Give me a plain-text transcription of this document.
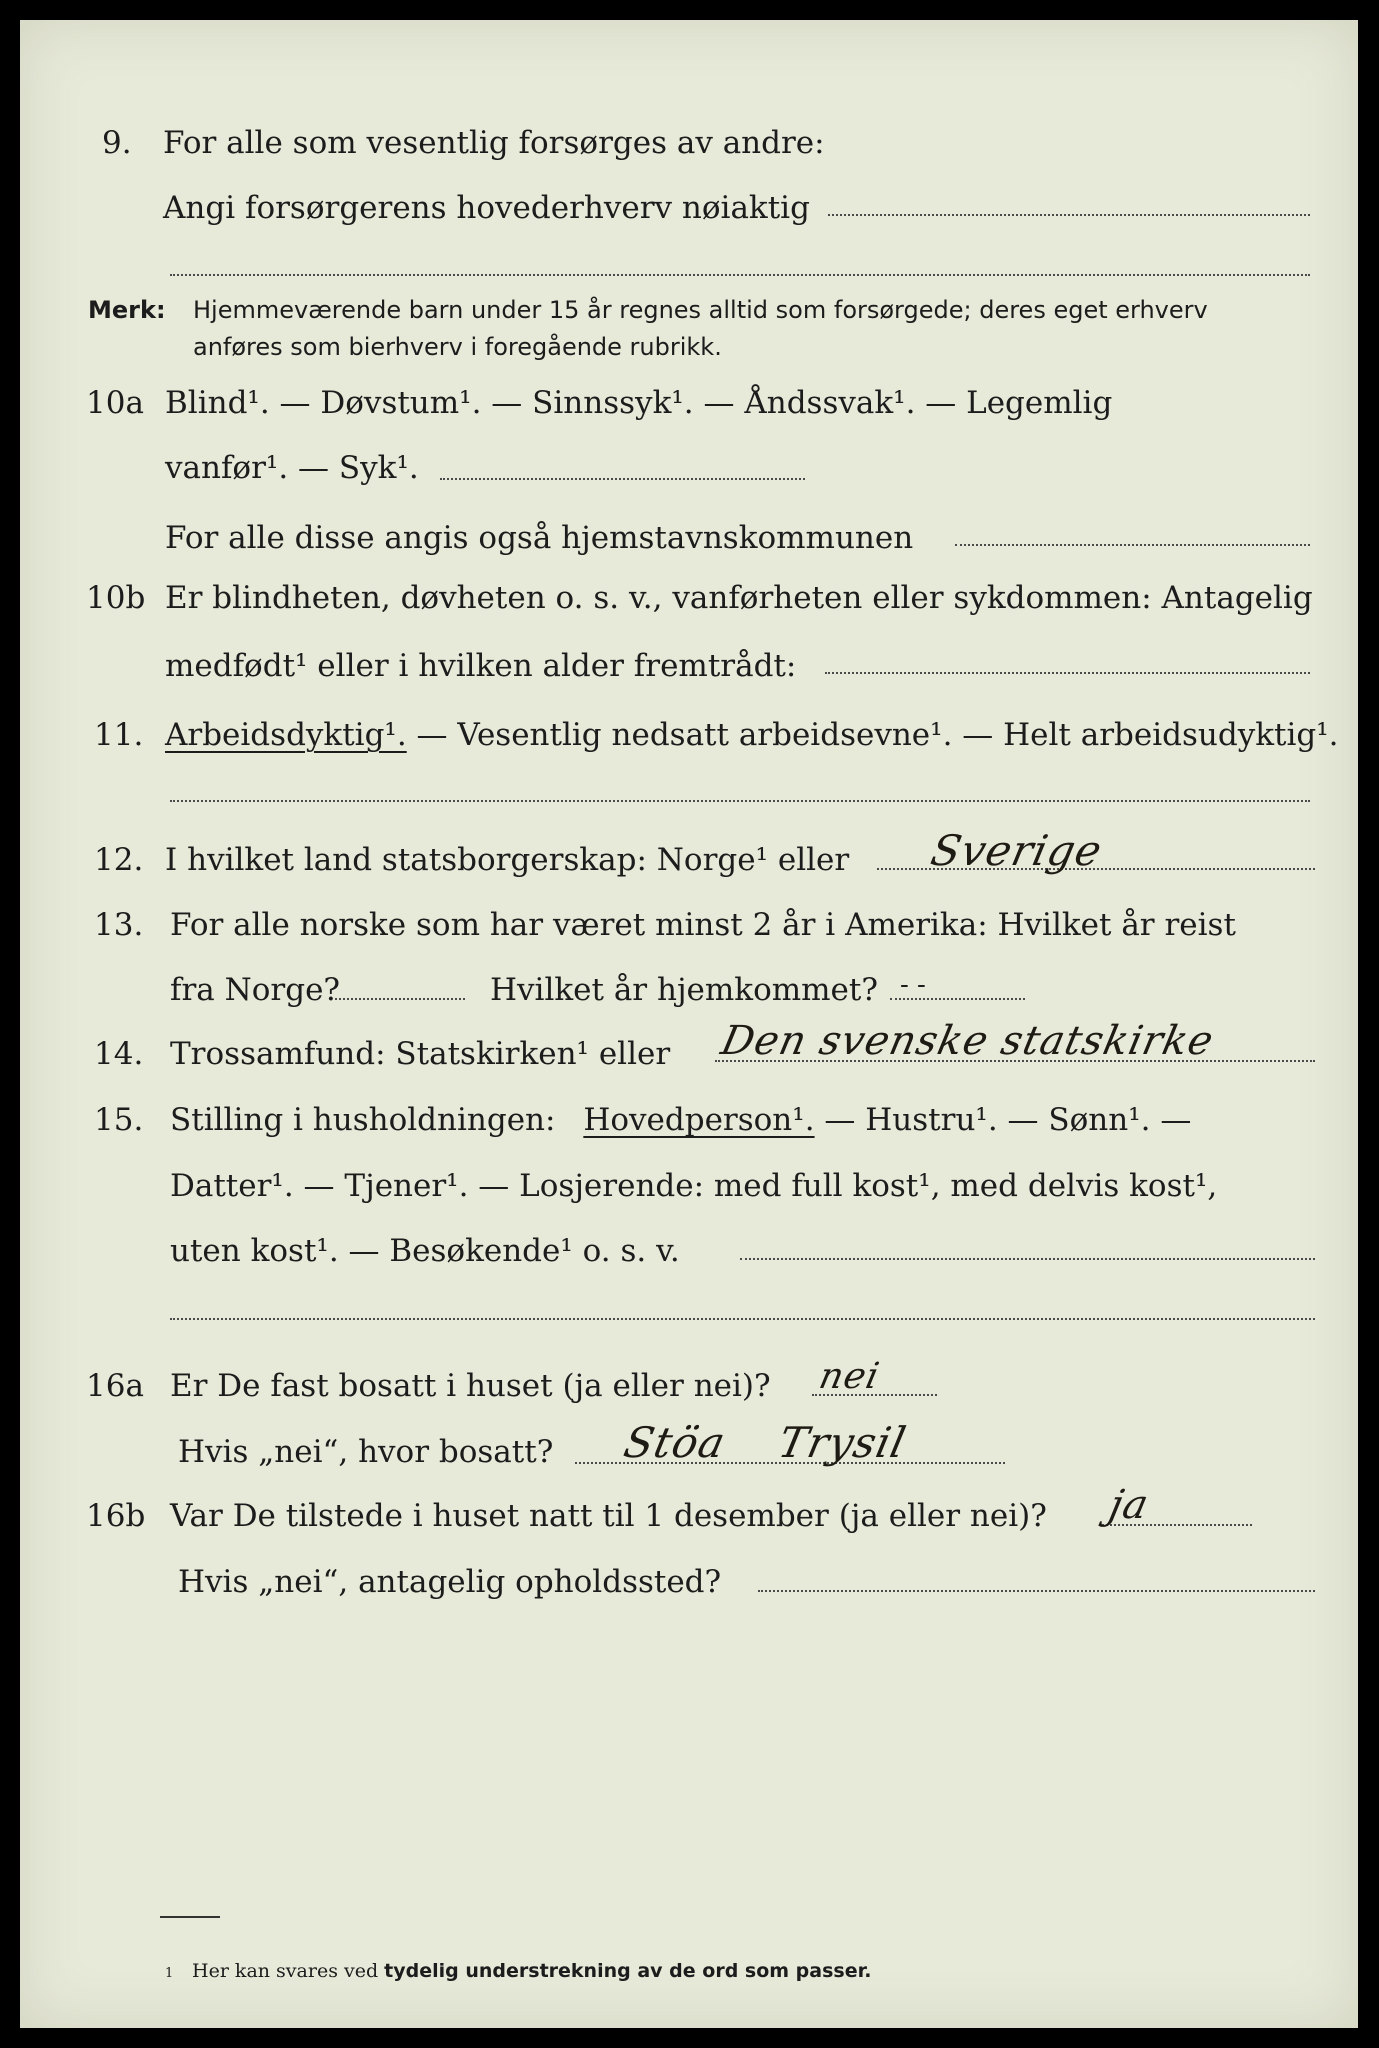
9. For alle som vesentlig forsørges av andre:
Angi forsørgerens hovederhverv nøiaktig
Merk: Hjemmeværende barn under 15 år regnes alltid som forsørgede; deres eget erhverv
anføres som bierhverv i foregående rubrikk.
10a Blind¹. — Døvstum¹. — Sinnssyk¹. — Åndssvak¹. — Legemlig
vanfør¹. — Syk¹.
For alle disse angis også hjemstavnskommunen
10b Er blindheten, døvheten o. s. v., vanførheten eller sykdommen: Antagelig
medfødt¹ eller i hvilken alder fremtrådt:
11. Arbeidsdyktig¹. — Vesentlig nedsatt arbeidsevne¹. — Helt arbeidsudyktig¹.
12. I hvilket land statsborgerskap: Norge¹ eller Sverige
13. For alle norske som har været minst 2 år i Amerika: Hvilket år reist
fra Norge?	Hvilket år hjemkommet? - -
14. Trossamfund: Statskirken¹ eller Den svenske statskirke
15. Stilling i husholdningen: Hovedperson¹. — Hustru¹. — Sønn¹. —
Datter¹. — Tjener¹. — Losjerende: med full kost¹, med delvis kost¹,
uten kost¹. — Besøkende¹ o. s. v.
16a Er De fast bosatt i huset (ja eller nei)? nei
Hvis „nei“, hvor bosatt? Stöa Trysil
16b Var De tilstede i huset natt til 1 desember (ja eller nei)? ja
Hvis „nei“, antagelig opholdssted?
1 Her kan svares ved tydelig understrekning av de ord som passer.
